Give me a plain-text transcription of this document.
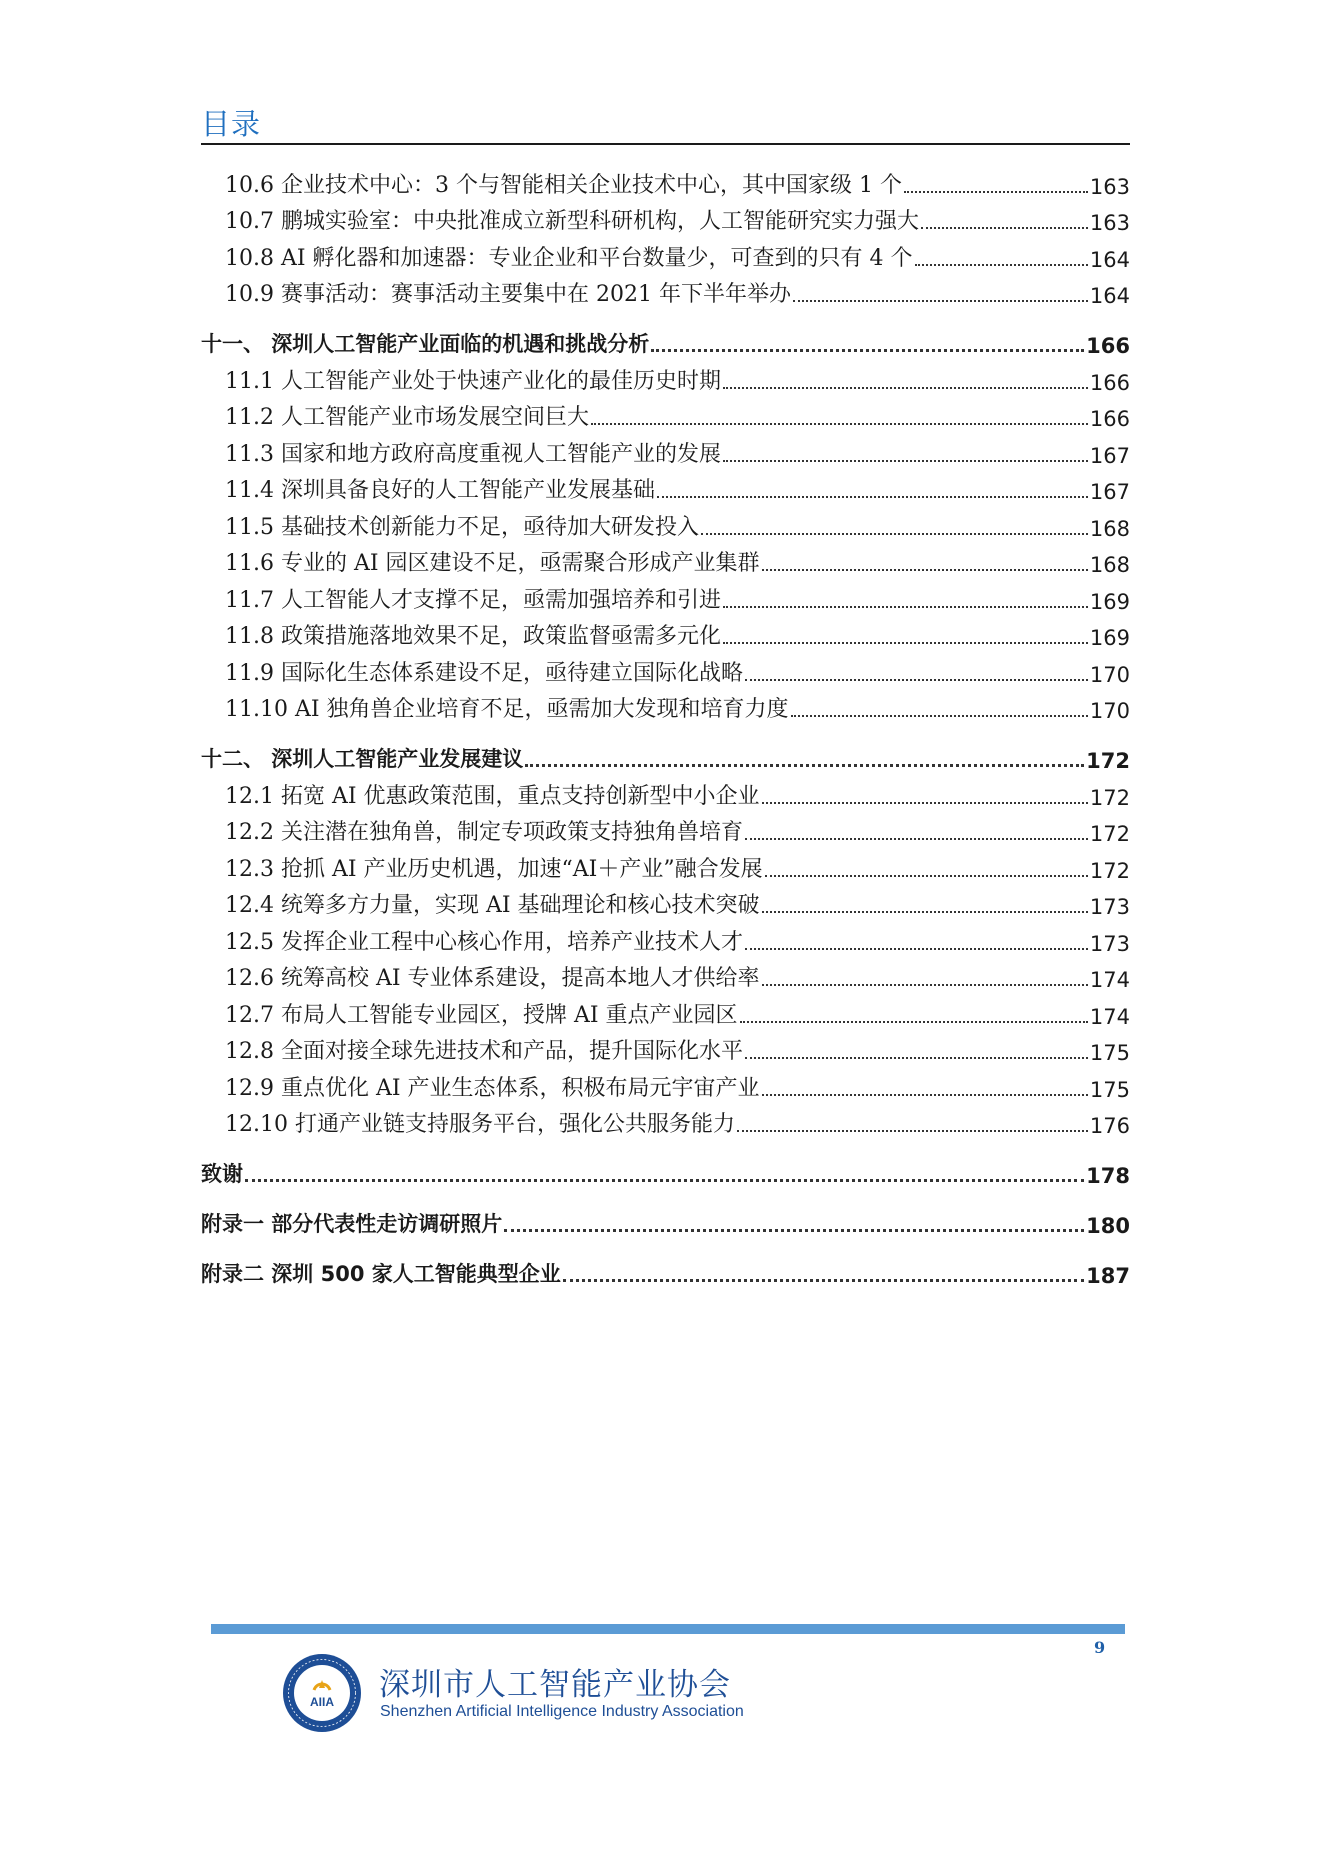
目录
10.6 企业技术中心：3 个与智能相关企业技术中心，其中国家级 1 个	163
10.7 鹏城实验室：中央批准成立新型科研机构，人工智能研究实力强大	163
10.8 AI 孵化器和加速器：专业企业和平台数量少，可查到的只有 4 个	164
10.9 赛事活动：赛事活动主要集中在 2021 年下半年举办	164
十一、 深圳人工智能产业面临的机遇和挑战分析	166
11.1 人工智能产业处于快速产业化的最佳历史时期	166
11.2 人工智能产业市场发展空间巨大	166
11.3 国家和地方政府高度重视人工智能产业的发展	167
11.4 深圳具备良好的人工智能产业发展基础	167
11.5 基础技术创新能力不足，亟待加大研发投入	168
11.6 专业的 AI 园区建设不足，亟需聚合形成产业集群	168
11.7 人工智能人才支撑不足，亟需加强培养和引进	169
11.8 政策措施落地效果不足，政策监督亟需多元化	169
11.9 国际化生态体系建设不足，亟待建立国际化战略	170
11.10 AI 独角兽企业培育不足，亟需加大发现和培育力度	170
十二、 深圳人工智能产业发展建议	172
12.1 拓宽 AI 优惠政策范围，重点支持创新型中小企业	172
12.2 关注潜在独角兽，制定专项政策支持独角兽培育	172
12.3 抢抓 AI 产业历史机遇，加速“AI＋产业”融合发展	172
12.4 统筹多方力量，实现 AI 基础理论和核心技术突破	173
12.5 发挥企业工程中心核心作用，培养产业技术人才	173
12.6 统筹高校 AI 专业体系建设，提高本地人才供给率	174
12.7 布局人工智能专业园区，授牌 AI 重点产业园区	174
12.8 全面对接全球先进技术和产品，提升国际化水平	175
12.9 重点优化 AI 产业生态体系，积极布局元宇宙产业	175
12.10 打通产业链支持服务平台，强化公共服务能力	176
致谢	178
附录一 部分代表性走访调研照片	180
附录二 深圳 500 家人工智能典型企业	187
9
AIIA 深圳市人工智能产业协会
Shenzhen Artificial Intelligence Industry Association
